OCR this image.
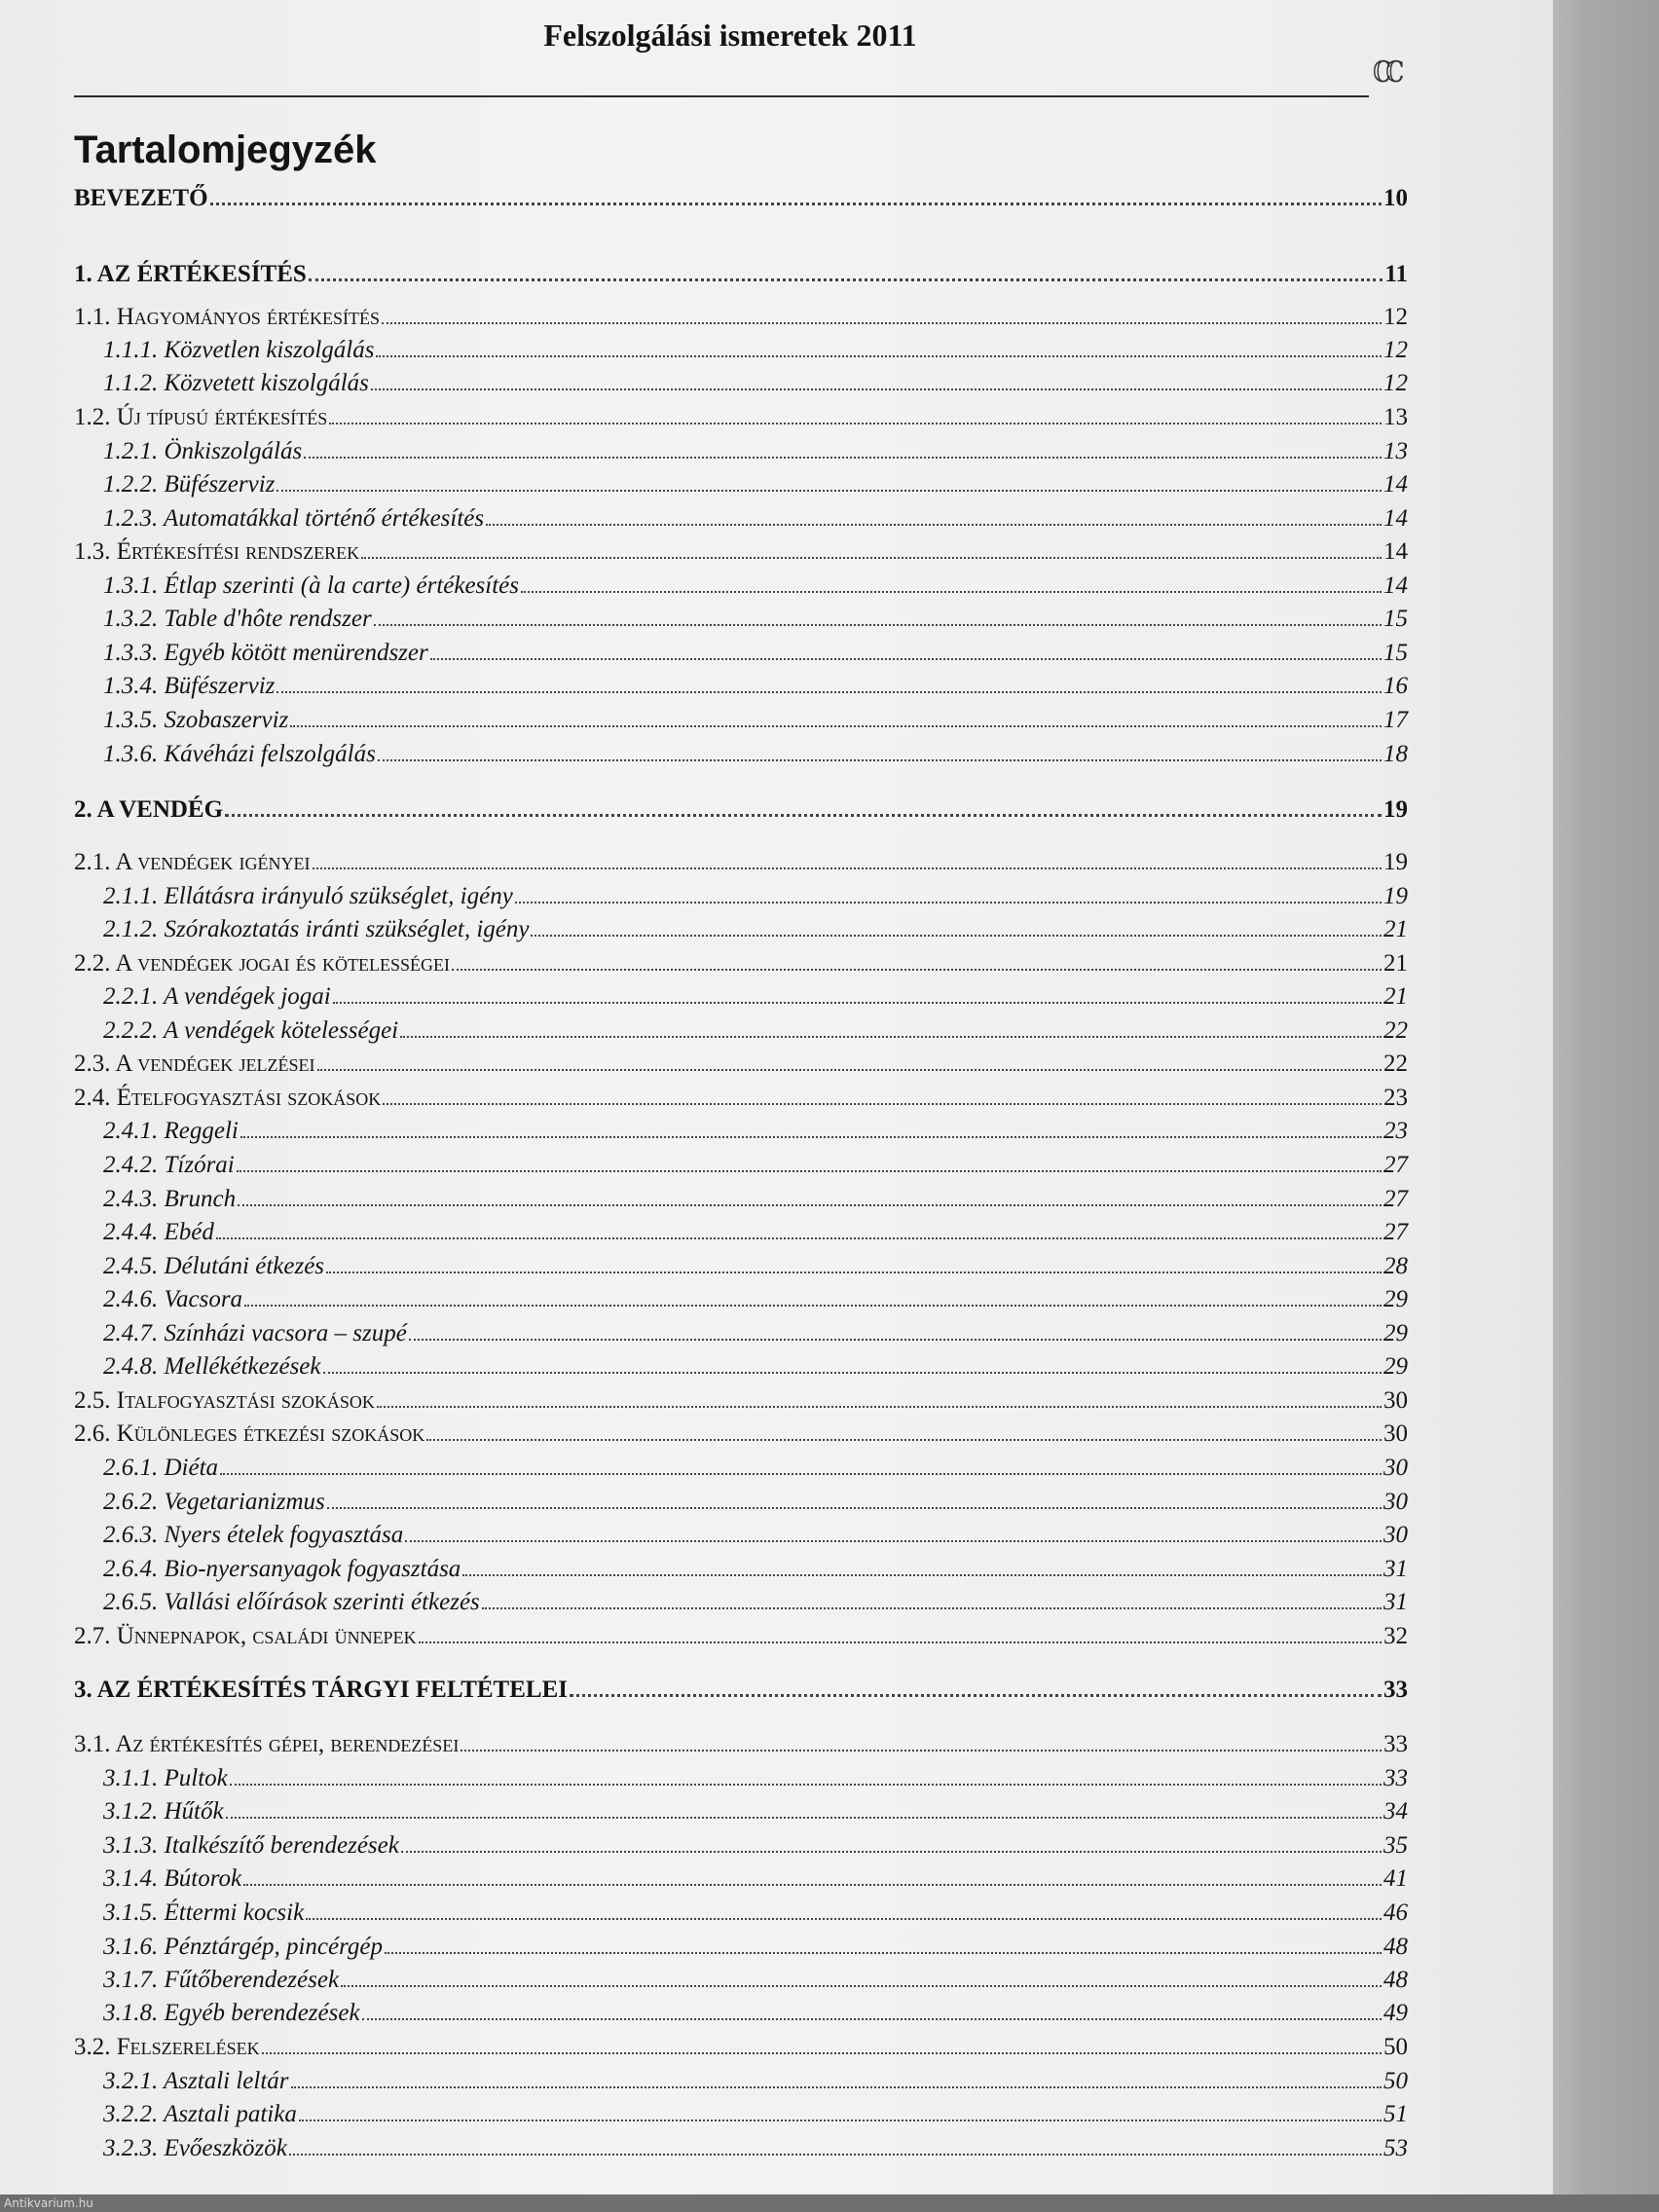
Felszolgálási ismeretek 2011
ℂℂ
Tartalomjegyzék
BEVEZETŐ	10
1. AZ ÉRTÉKESÍTÉS	11
1.1. Hagyományos értékesítés	12
1.1.1. Közvetlen kiszolgálás	12
1.1.2. Közvetett kiszolgálás	12
1.2. Új típusú értékesítés	13
1.2.1. Önkiszolgálás	13
1.2.2. Büfészerviz	14
1.2.3. Automatákkal történő értékesítés	14
1.3. Értékesítési rendszerek	14
1.3.1. Étlap szerinti (à la carte) értékesítés	14
1.3.2. Table d'hôte rendszer	15
1.3.3. Egyéb kötött menürendszer	15
1.3.4. Büfészerviz	16
1.3.5. Szobaszerviz	17
1.3.6. Kávéházi felszolgálás	18
2. A VENDÉG	19
2.1. A vendégek igényei	19
2.1.1. Ellátásra irányuló szükséglet, igény	19
2.1.2. Szórakoztatás iránti szükséglet, igény	21
2.2. A vendégek jogai és kötelességei	21
2.2.1. A vendégek jogai	21
2.2.2. A vendégek kötelességei	22
2.3. A vendégek jelzései	22
2.4. Ételfogyasztási szokások	23
2.4.1. Reggeli	23
2.4.2. Tízórai	27
2.4.3. Brunch	27
2.4.4. Ebéd	27
2.4.5. Délutáni étkezés	28
2.4.6. Vacsora	29
2.4.7. Színházi vacsora – szupé	29
2.4.8. Mellékétkezések	29
2.5. Italfogyasztási szokások	30
2.6. Különleges étkezési szokások	30
2.6.1. Diéta	30
2.6.2. Vegetarianizmus	30
2.6.3. Nyers ételek fogyasztása	30
2.6.4. Bio-nyersanyagok fogyasztása	31
2.6.5. Vallási előírások szerinti étkezés	31
2.7. Ünnepnapok, családi ünnepek	32
3. AZ ÉRTÉKESÍTÉS TÁRGYI FELTÉTELEI	33
3.1. Az értékesítés gépei, berendezései	33
3.1.1. Pultok	33
3.1.2. Hűtők	34
3.1.3. Italkészítő berendezések	35
3.1.4. Bútorok	41
3.1.5. Éttermi kocsik	46
3.1.6. Pénztárgép, pincérgép	48
3.1.7. Fűtőberendezések	48
3.1.8. Egyéb berendezések	49
3.2. Felszerelések	50
3.2.1. Asztali leltár	50
3.2.2. Asztali patika	51
3.2.3. Evőeszközök	53
Antikvarium.hu
